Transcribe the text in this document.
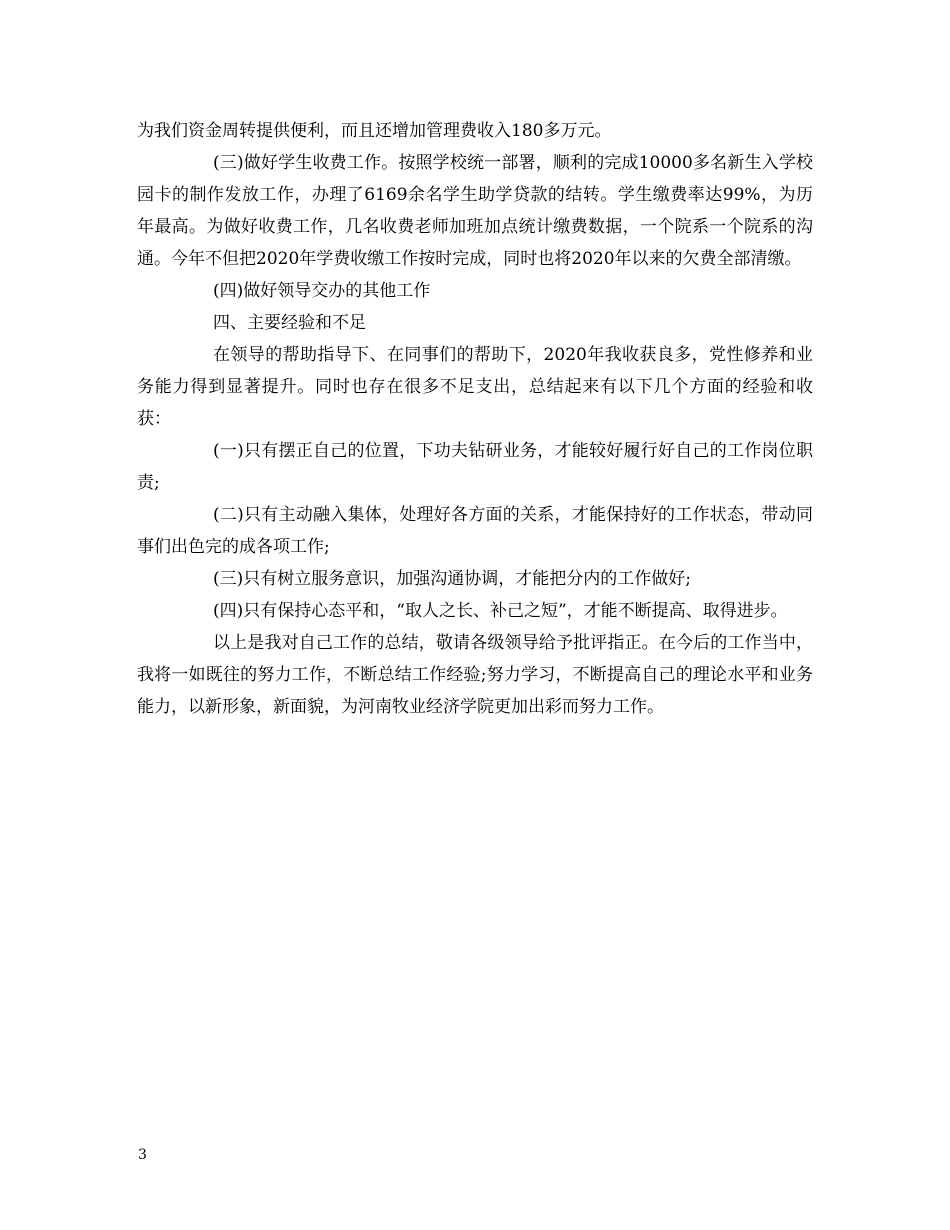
为我们资金周转提供便利，而且还增加管理费收入180多万元。

(三)做好学生收费工作。按照学校统一部署，顺利的完成10000多名新生入学校园卡的制作发放工作，办理了6169余名学生助学贷款的结转。学生缴费率达99%，为历年最高。为做好收费工作，几名收费老师加班加点统计缴费数据，一个院系一个院系的沟通。今年不但把2020年学费收缴工作按时完成，同时也将2020年以来的欠费全部清缴。

(四)做好领导交办的其他工作

四、主要经验和不足

在领导的帮助指导下、在同事们的帮助下，2020年我收获良多，党性修养和业务能力得到显著提升。同时也存在很多不足支出，总结起来有以下几个方面的经验和收获：

(一)只有摆正自己的位置，下功夫钻研业务，才能较好履行好自己的工作岗位职责;

(二)只有主动融入集体，处理好各方面的关系，才能保持好的工作状态，带动同事们出色完的成各项工作;

(三)只有树立服务意识，加强沟通协调，才能把分内的工作做好;

(四)只有保持心态平和，“取人之长、补己之短”，才能不断提高、取得进步。

以上是我对自己工作的总结，敬请各级领导给予批评指正。在今后的工作当中，我将一如既往的努力工作，不断总结工作经验;努力学习，不断提高自己的理论水平和业务能力，以新形象，新面貌，为河南牧业经济学院更加出彩而努力工作。

3
